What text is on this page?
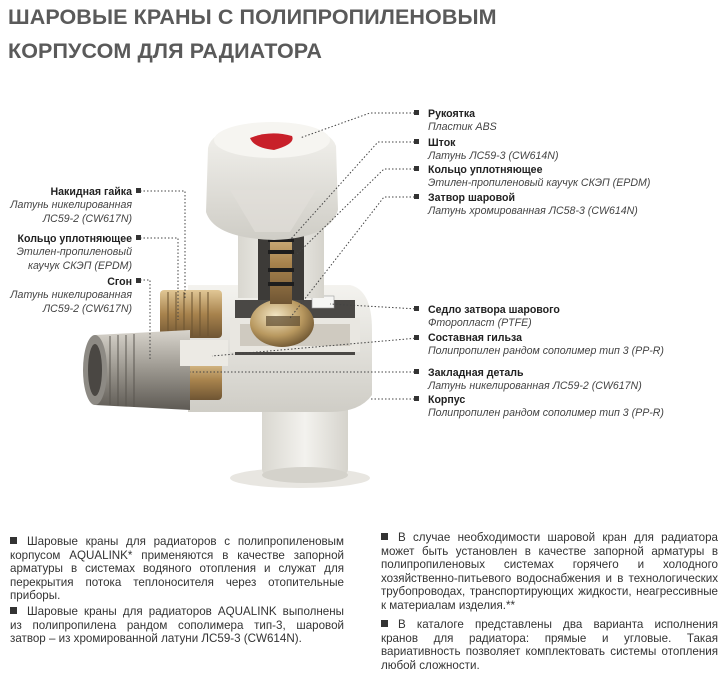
ШАРОВЫЕ КРАНЫ С ПОЛИПРОПИЛЕНОВЫМ
КОРПУСОМ ДЛЯ РАДИАТОРА
Накидная гайка
Латунь никелированная
ЛС59-2 (CW617N)
Кольцо уплотняющее
Этилен-пропиленовый
каучук СКЭП (EPDM)
Сгон
Латунь никелированная
ЛС59-2 (CW617N)
Рукоятка
Пластик ABS
Шток
Латунь ЛС59-3 (CW614N)
Кольцо уплотняющее
Этилен-пропиленовый каучук СКЭП (EPDM)
Затвор шаровой
Латунь хромированная ЛС58-3 (CW614N)
Седло затвора шарового
Фторопласт (PTFE)
Составная гильза
Полипропилен рандом сополимер тип 3 (PP-R)
Закладная деталь
Латунь никелированная ЛС59-2 (CW617N)
Корпус
Полипропилен рандом сополимер тип 3 (PP-R)

Шаровые краны для радиаторов с полипропиленовым корпусом AQUALINK* применяются в качестве запорной арматуры в системах водяного отопления и служат для перекрытия потока теплоносителя через отопительные приборы.

Шаровые краны для радиаторов AQUALINK выполнены из полипропилена рандом сополимера тип-3, шаровой затвор – из хромированной латуни ЛС59-3 (CW614N).

В случае необходимости шаровой кран для радиатора может быть установлен в качестве запорной арматуры в полипропиленовых системах горячего и холодного хозяйственно-питьевого водоснабжения и в технологических трубопроводах, транспортирующих жидкости, неагрессивные к материалам изделия.**

В каталоге представлены два варианта исполнения кранов для радиатора: прямые и угловые. Такая вариативность позволяет комплектовать системы отопления любой сложности.
